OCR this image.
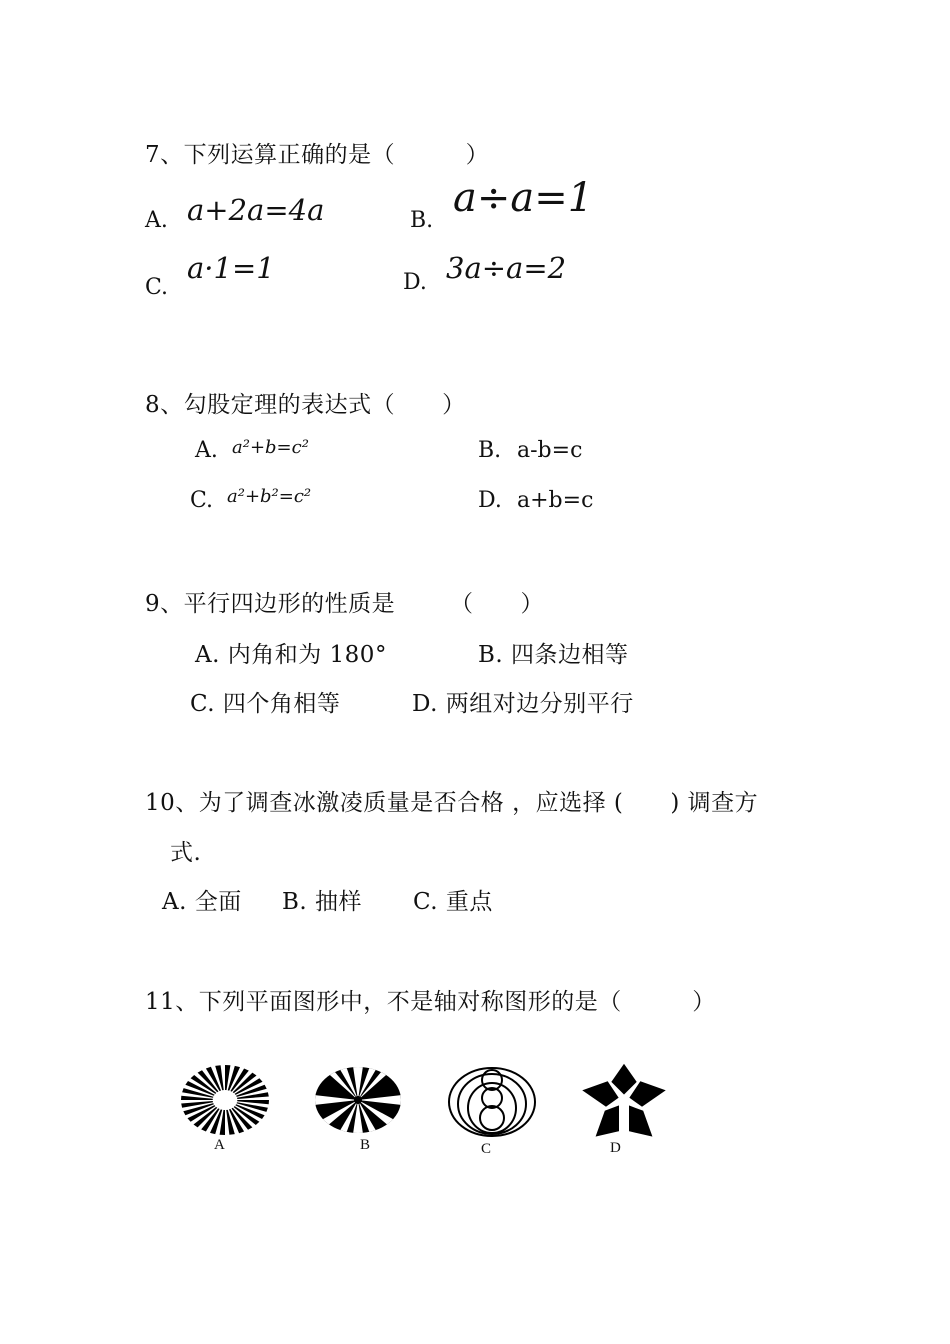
7、下列运算正确的是（　　　）
A. a+2a=4a	B. a÷a=1
C.
a·1=1	D. 3a÷a=2
8、勾股定理的表达式（　　）
A. a²+b=c²	B. a-b=c
C. a²+b²=c²	D. a+b=c
9、平行四边形的性质是 （　　）
A. 内角和为 180°	B. 四条边相等
C. 四个角相等	D. 两组对边分别平行
10、为了调查冰激凌质量是否合格 ，应选择 (　　) 调查方
式.
A. 全面 B. 抽样 C. 重点
11、下列平面图形中，不是轴对称图形的是（　　　）
A	B	C	D
